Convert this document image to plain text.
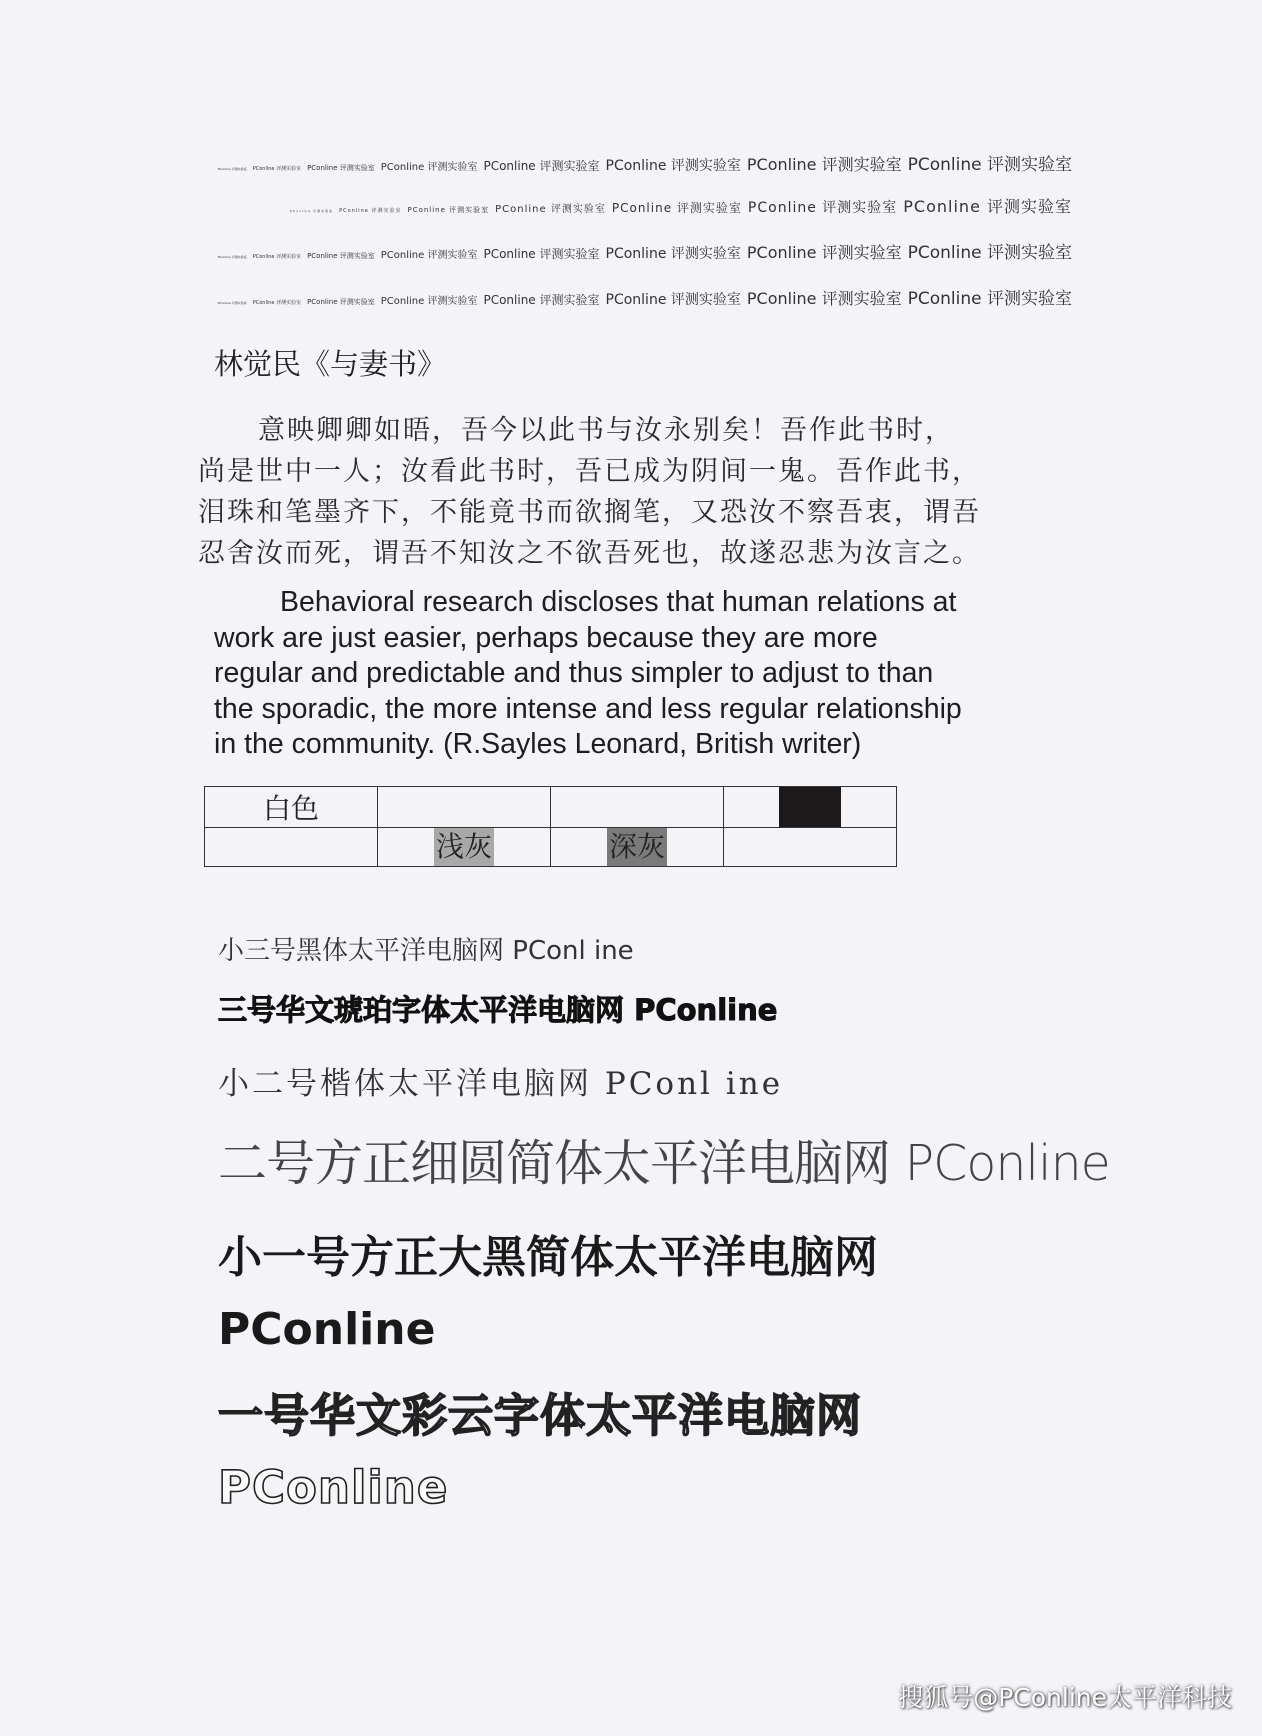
PConline 评测实验室 PConline 评测实验室 PConline 评测实验室 PConline 评测实验室 PConline 评测实验室 PConline 评测实验室 PConline 评测实验室 PConline 评测实验室
PConline 评测实验室 PConline 评测实验室 PConline 评测实验室 PConline 评测实验室 PConline 评测实验室 PConline 评测实验室 PConline 评测实验室
PConline 评测实验室 PConline 评测实验室 PConline 评测实验室 PConline 评测实验室 PConline 评测实验室 PConline 评测实验室 PConline 评测实验室 PConline 评测实验室
PConline 评测实验室 PConline 评测实验室 PConline 评测实验室 PConline 评测实验室 PConline 评测实验室 PConline 评测实验室 PConline 评测实验室 PConline 评测实验室
林觉民《与妻书》
意映卿卿如晤，吾今以此书与汝永别矣！吾作此书时，
尚是世中一人；汝看此书时，吾已成为阴间一鬼。吾作此书，
泪珠和笔墨齐下，不能竟书而欲搁笔，又恐汝不察吾衷，谓吾
忍舍汝而死，谓吾不知汝之不欲吾死也，故遂忍悲为汝言之。
Behavioral research discloses that human relations at
work are just easier, perhaps because they are more
regular and predictable and thus simpler to adjust to than
the sporadic, the more intense and less regular relationship
in the community. (R.Sayles Leonard, British writer)
白色			
	浅灰	深灰	
小三号黑体太平洋电脑网 PConl ine
三号华文琥珀字体太平洋电脑网 PConline
小二号楷体太平洋电脑网 PConl ine
二号方正细圆简体太平洋电脑网 PConline
小一号方正大黑简体太平洋电脑网
PConline
一号华文彩云字体太平洋电脑网
PConline
搜狐号@PConline太平洋科技
